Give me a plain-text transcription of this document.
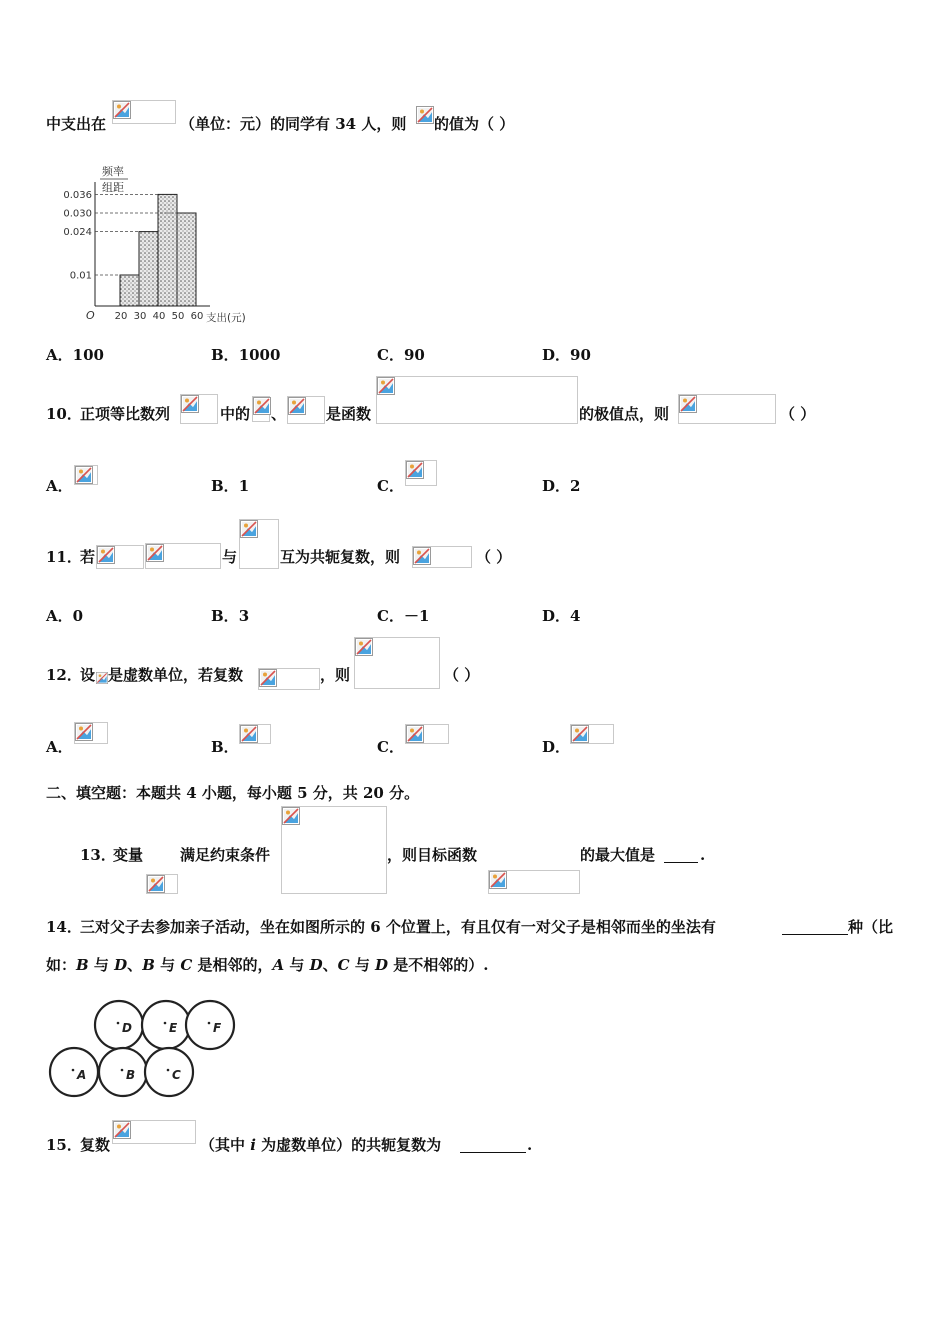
中支出在	（单位：元）的同学有 34 人，则 的值为（ ）
频率
组距
0.036
0.030
0.024
0.01
O 20 30 40 50 60 支出(元)
A．100	B．1000	C．90	D．90
10．
正项等比数列	中的 、	是函数	的极值点，则	（ ）
A．	B．1	C．	D．2
11．
若	与	互为共轭复数，则	（ ）
A．0	B．3	C．－1	D．4
12．
设 是虚数单位，若复数	，则	（ ）
A．	B．	C．	D．
二、填空题：本题共 4 小题，每小题 5 分，共 20 分。
13．
变量 满足约束条件	，则目标函数	的最大值是	.
14．
三对父子去参加亲子活动，坐在如图所示的 6 个位置上，有且仅有一对父子是相邻而坐的坐法有	种（比
如：B 与 D、B 与 C 是相邻的，A 与 D、C 与 D 是不相邻的）.
D	E	F
A	B	C
15．
复数	（其中 i 为虚数单位）的共轭复数为	.
